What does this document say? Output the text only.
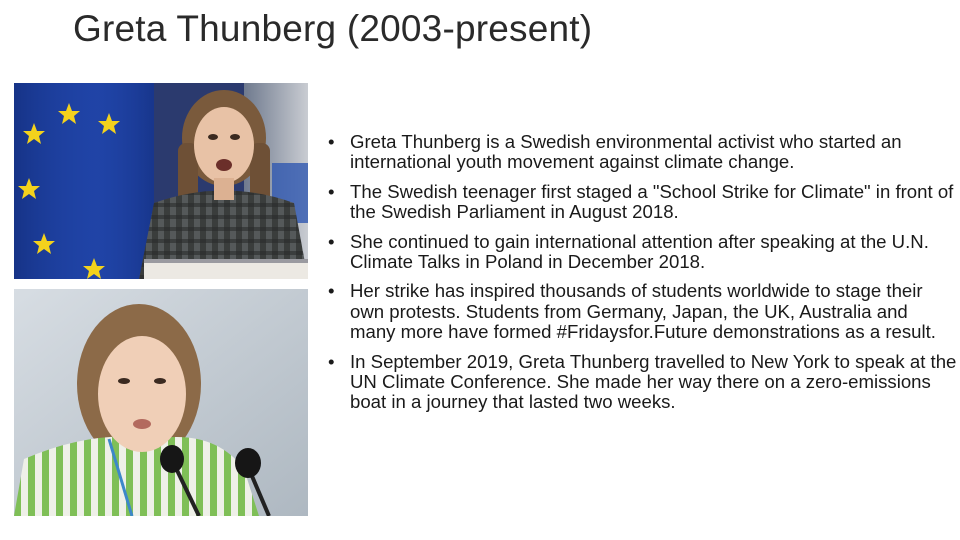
Greta Thunberg (2003-present)
• Greta Thunberg is a Swedish environmental activist who started an international youth movement against climate change.
• The Swedish teenager first staged a "School Strike for Climate" in front of the Swedish Parliament in August 2018.
• She continued to gain international attention after speaking at the U.N. Climate Talks in Poland in December 2018.
• Her strike has inspired thousands of students worldwide to stage their own protests. Students from Germany, Japan, the UK, Australia and many more have formed #Fridaysfor.Future demonstrations as a result.
• In September 2019, Greta Thunberg travelled to New York to speak at the UN Climate Conference. She made her way there on a zero-emissions boat in a journey that lasted two weeks.
